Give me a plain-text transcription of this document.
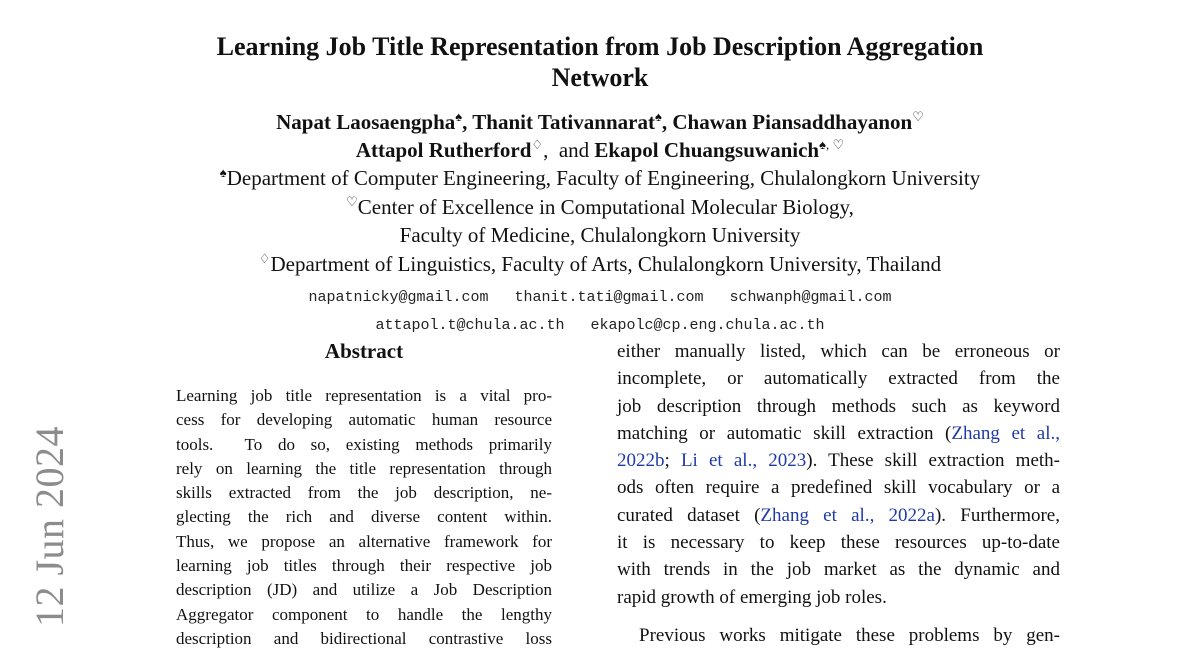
12 Jun 2024
Learning Job Title Representation from Job Description Aggregation
Network
Napat Laosaengpha♠, Thanit Tativannarat♠, Chawan Piansaddhayanon♡
Attapol Rutherford♢,  and Ekapol Chuangsuwanich♠, ♡
♠Department of Computer Engineering, Faculty of Engineering, Chulalongkorn University
♡Center of Excellence in Computational Molecular Biology,
Faculty of Medicine, Chulalongkorn University
♢Department of Linguistics, Faculty of Arts, Chulalongkorn University, Thailand
napatnicky@gmail.com thanit.tati@gmail.com schwanph@gmail.com
attapol.t@chula.ac.th ekapolc@cp.eng.chula.ac.th
Abstract
Learning job title representation is a vital pro-
cess for developing automatic human resource
tools.  To do so, existing methods primarily
rely on learning the title representation through
skills extracted from the job description, ne-
glecting the rich and diverse content within.
Thus, we propose an alternative framework for
learning job titles through their respective job
description (JD) and utilize a Job Description
Aggregator component to handle the lengthy
description and bidirectional contrastive loss
either manually listed, which can be erroneous or
incomplete, or automatically extracted from the
job description through methods such as keyword
matching or automatic skill extraction (Zhang et al.,
2022b; Li et al., 2023). These skill extraction meth-
ods often require a predefined skill vocabulary or a
curated dataset (Zhang et al., 2022a). Furthermore,
it is necessary to keep these resources up-to-date
with trends in the job market as the dynamic and
rapid growth of emerging job roles.
Previous works mitigate these problems by gen-
